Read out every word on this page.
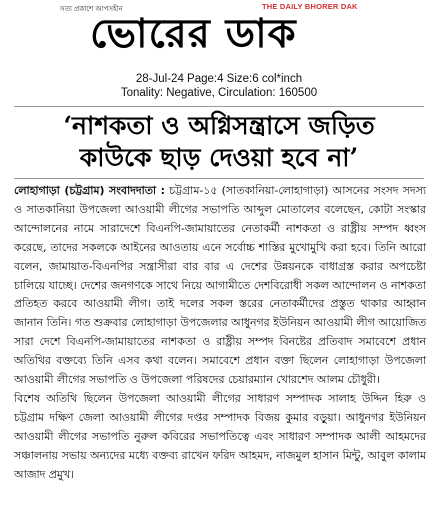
সত্য প্রকাশে আপসহীন	THE DAILY BHORER DAK
ভোরের ডাক
28-Jul-24 Page:4 Size:6 col*inch
Tonality: Negative, Circulation: 160500
‘নাশকতা ও অগ্নিসন্ত্রাসে জড়িত
কাউকে ছাড় দেওয়া হবে না’

লোহাগাড়া (চট্টগ্রাম) সংবাদদাতা : চট্টগ্রাম-১৫ (সাতকানিয়া-লোহাগাড়া) আসনের সংসদ সদস্য ও সাতকানিয়া উপজেলা আওয়ামী লীগের সভাপতি আব্দুল মোতালেব বলেছেন, কোটা সংস্কার আন্দোলনের নামে সারাদেশে বিএনপি-জামায়াতের নেতাকর্মী নাশকতা ও রাষ্ট্রীয় সম্পদ ধ্বংস করেছে, তাদের সকলকে আইনের আওতায় এনে সর্বোচ্চ শাস্তির মুখোমুখি করা হবে। তিনি আরো বলেন, জামায়াত-বিএনপির সন্ত্রাসীরা বার বার এ দেশের উন্নয়নকে বাধাগ্রস্ত করার অপচেষ্টা চালিয়ে যাচ্ছে। দেশের জনগণকে সাথে নিয়ে আগামীতে দেশবিরোধী সকল আন্দোলন ও নাশকতা প্রতিহত করবে আওয়ামী লীগ। তাই দলের সকল স্তরের নেতাকর্মীদের প্রস্তুত থাকার আহ্বান জানান তিনি। গত শুক্রবার লোহাগাড়া উপজেলার আধুনগর ইউনিয়ন আওয়ামী লীগ আয়োজিত সারা দেশে বিএনপি-জামায়াতের নাশকতা ও রাষ্ট্রীয় সম্পদ বিনষ্টের প্রতিবাদ সমাবেশে প্রধান অতিথির বক্তব্যে তিনি এসব কথা বলেন। সমাবেশে প্রধান বক্তা ছিলেন লোহাগাড়া উপজেলা আওয়ামী লীগের সভাপতি ও উপজেলা পরিষদের চেয়ারম্যান খোরশেদ আলম চৌধুরী।

বিশেষ অতিথি ছিলেন উপজেলা আওয়ামী লীগের সাধারণ সম্পাদক সালাহ উদ্দিন হিরু ও চট্টগ্রাম দক্ষিণ জেলা আওয়ামী লীগের দপ্তর সম্পাদক বিজয় কুমার বড়ুয়া। আধুনগর ইউনিয়ন আওয়ামী লীগের সভাপতি নুরুল কবিরের সভাপতিত্বে এবং সাধারণ সম্পাদক আলী আহমদের সঞ্চালনায় সভায় অন্যদের মধ্যে বক্তব্য রাখেন ফরিদ আহমদ, নাজমুল হাসান মিন্টু, আবুল কালাম আজাদ প্রমুখ।
